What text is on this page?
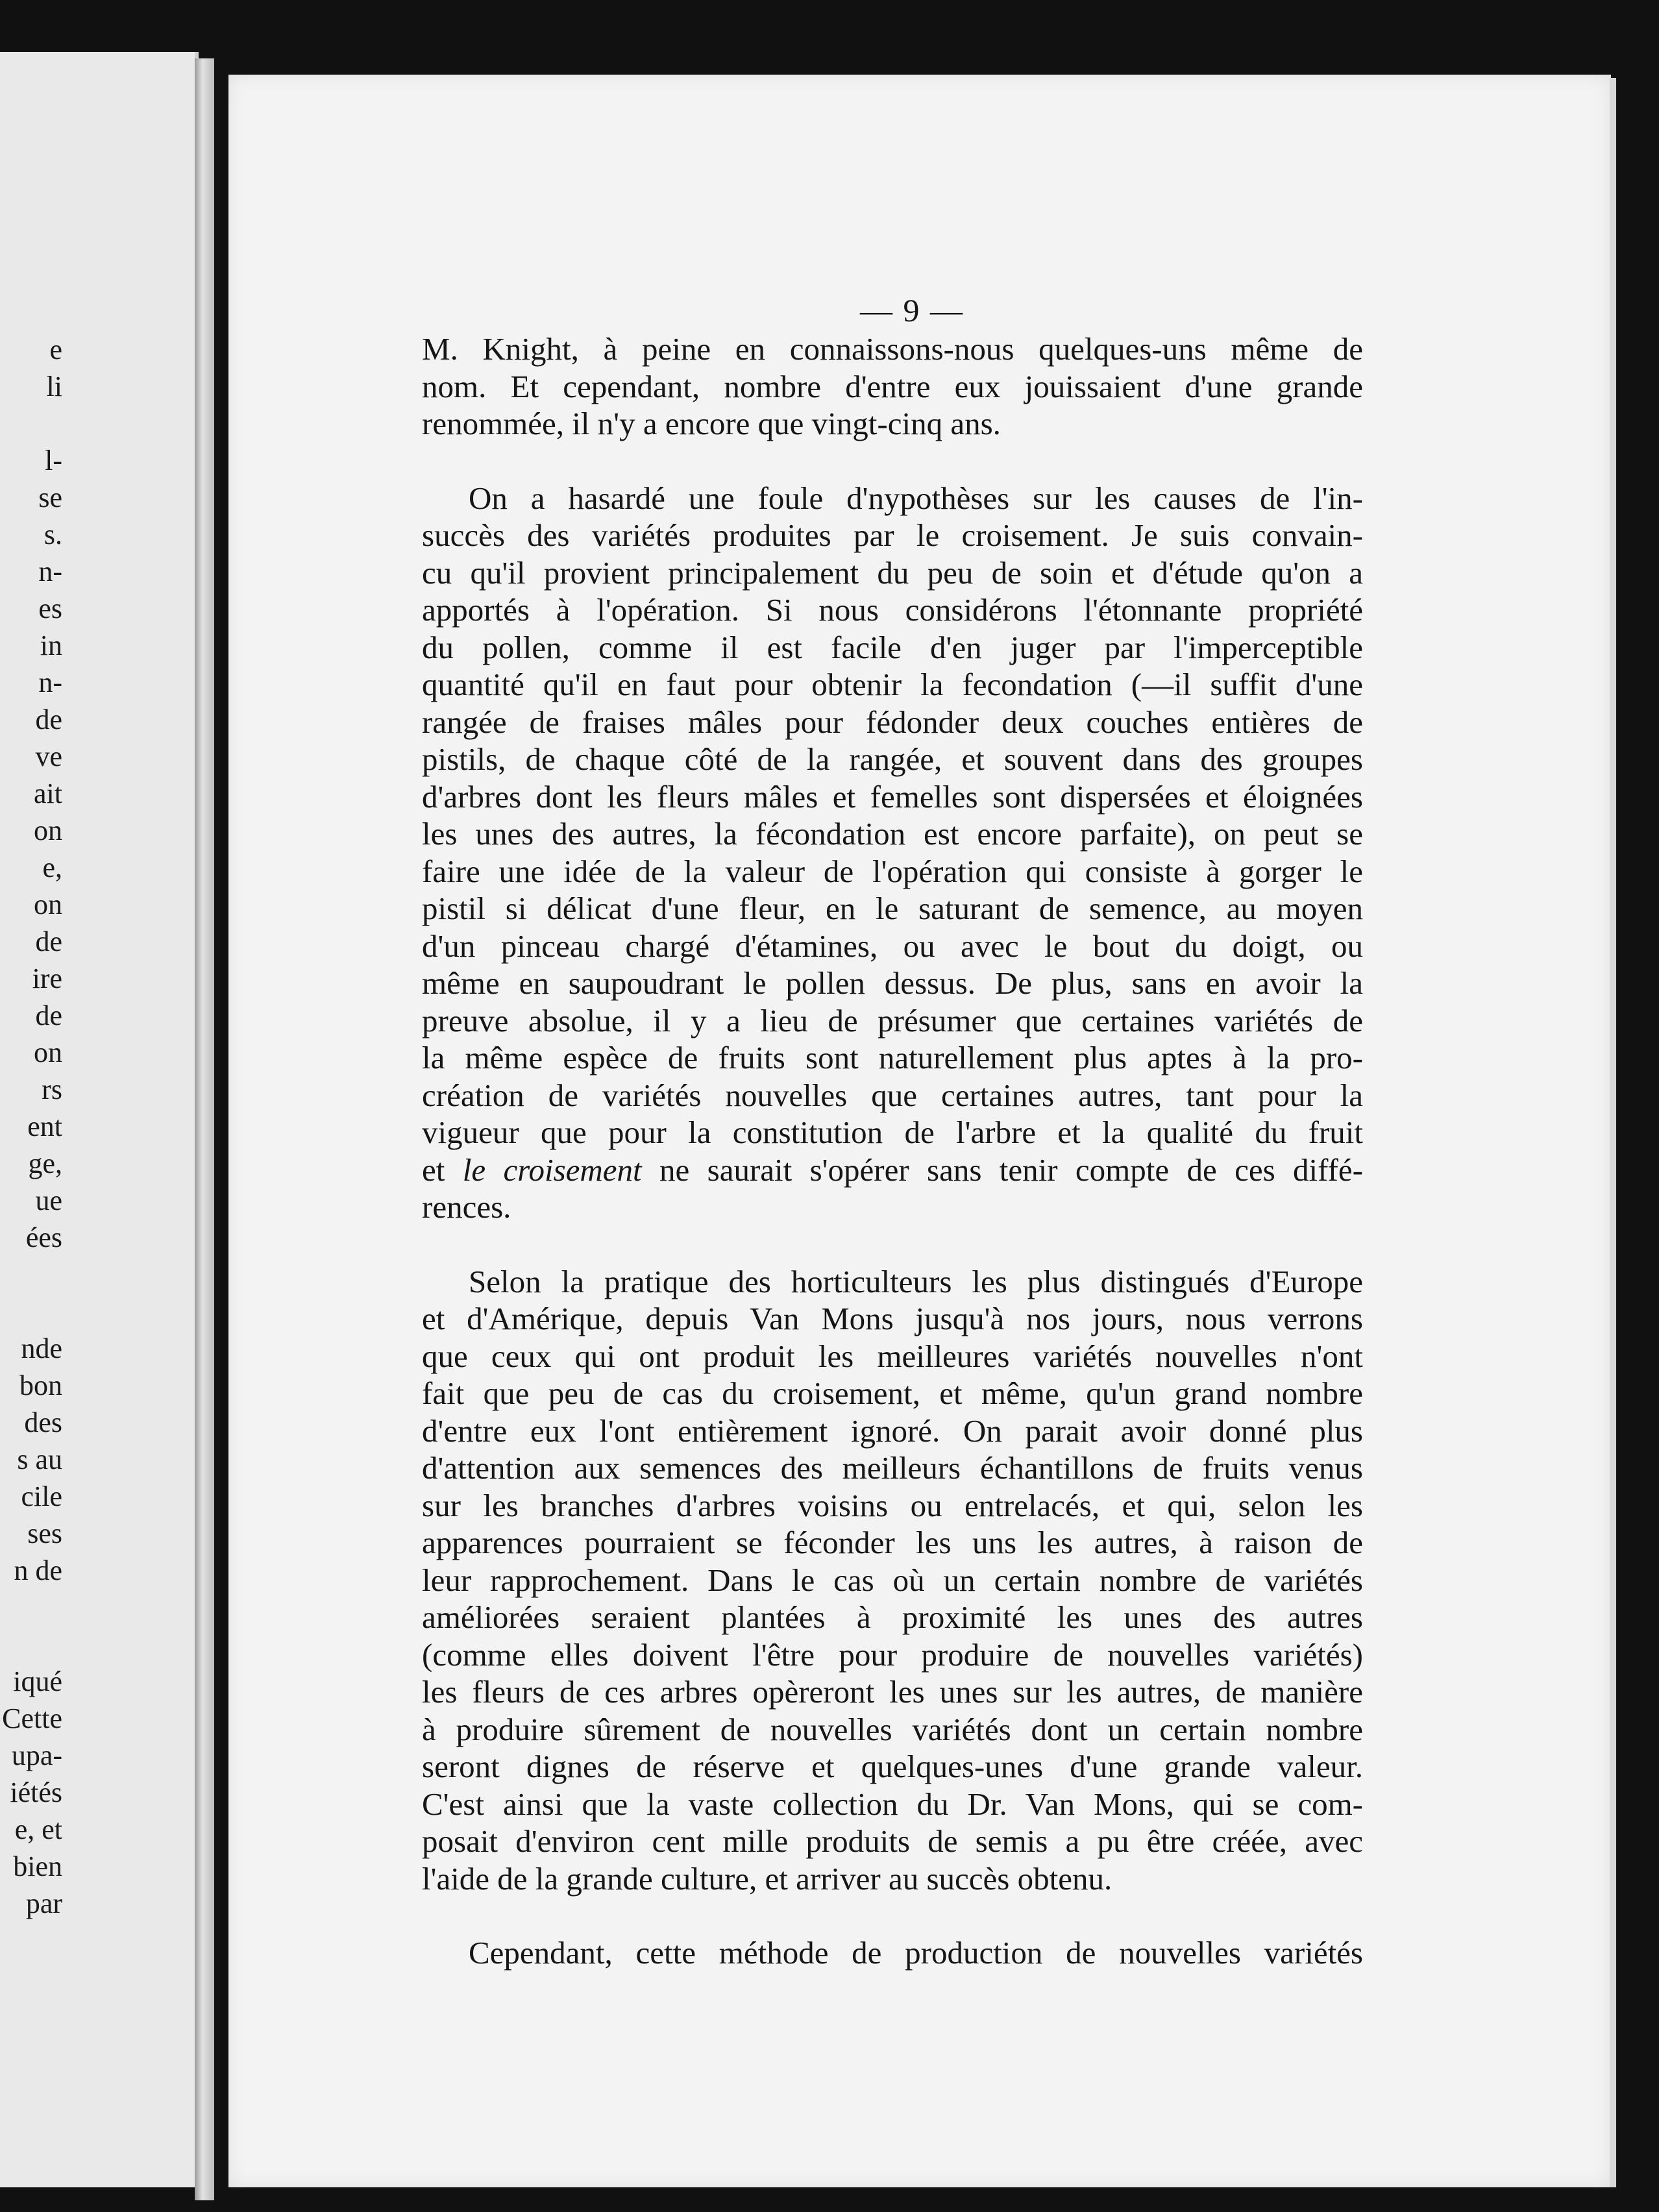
e
li
l-
se
s.
n-
es
in
n-
de
ve
ait
on
e,
on
de
ire
de
on
rs
ent
ge,
ue
ées
nde
bon
des
s au
cile
ses
n de
iqué
Cette
upa-
iétés
e, et
bien
par
— 9 —
M. Knight, à peine en connaissons-nous quelques-uns même de
nom. Et cependant, nombre d'entre eux jouissaient d'une grande
renommée, il n'y a encore que vingt-cinq ans.
On a hasardé une foule d'nypothèses sur les causes de l'in-
succès des variétés produites par le croisement. Je suis convain-
cu qu'il provient principalement du peu de soin et d'étude qu'on a
apportés à l'opération. Si nous considérons l'étonnante propriété
du pollen, comme il est facile d'en juger par l'imperceptible
quantité qu'il en faut pour obtenir la fecondation (—il suffit d'une
rangée de fraises mâles pour fédonder deux couches entières de
pistils, de chaque côté de la rangée, et souvent dans des groupes
d'arbres dont les fleurs mâles et femelles sont dispersées et éloignées
les unes des autres, la fécondation est encore parfaite), on peut se
faire une idée de la valeur de l'opération qui consiste à gorger le
pistil si délicat d'une fleur, en le saturant de semence, au moyen
d'un pinceau chargé d'étamines, ou avec le bout du doigt, ou
même en saupoudrant le pollen dessus. De plus, sans en avoir la
preuve absolue, il y a lieu de présumer que certaines variétés de
la même espèce de fruits sont naturellement plus aptes à la pro-
création de variétés nouvelles que certaines autres, tant pour la
vigueur que pour la constitution de l'arbre et la qualité du fruit
et le croisement ne saurait s'opérer sans tenir compte de ces diffé-
rences.
Selon la pratique des horticulteurs les plus distingués d'Europe
et d'Amérique, depuis Van Mons jusqu'à nos jours, nous verrons
que ceux qui ont produit les meilleures variétés nouvelles n'ont
fait que peu de cas du croisement, et même, qu'un grand nombre
d'entre eux l'ont entièrement ignoré. On parait avoir donné plus
d'attention aux semences des meilleurs échantillons de fruits venus
sur les branches d'arbres voisins ou entrelacés, et qui, selon les
apparences pourraient se féconder les uns les autres, à raison de
leur rapprochement. Dans le cas où un certain nombre de variétés
améliorées seraient plantées à proximité les unes des autres
(comme elles doivent l'être pour produire de nouvelles variétés)
les fleurs de ces arbres opèreront les unes sur les autres, de manière
à produire sûrement de nouvelles variétés dont un certain nombre
seront dignes de réserve et quelques-unes d'une grande valeur.
C'est ainsi que la vaste collection du Dr. Van Mons, qui se com-
posait d'environ cent mille produits de semis a pu être créée, avec
l'aide de la grande culture, et arriver au succès obtenu.
Cependant, cette méthode de production de nouvelles variétés
